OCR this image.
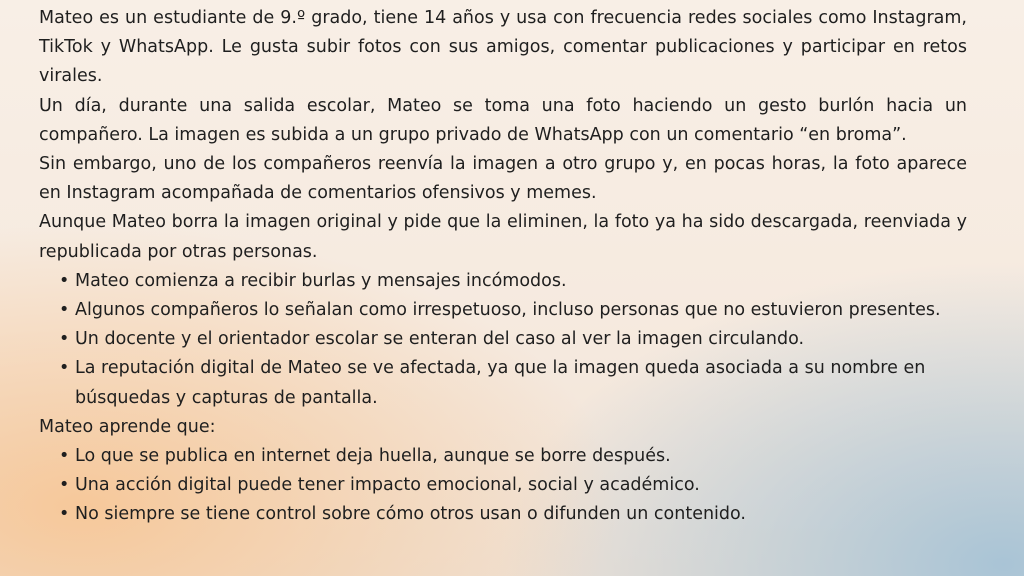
Mateo es un estudiante de 9.º grado, tiene 14 años y usa con frecuencia redes sociales como Instagram, TikTok y WhatsApp. Le gusta subir fotos con sus amigos, comentar publicaciones y participar en retos virales.

Un día, durante una salida escolar, Mateo se toma una foto haciendo un gesto burlón hacia un compañero. La imagen es subida a un grupo privado de WhatsApp con un comentario “en broma”.

Sin embargo, uno de los compañeros reenvía la imagen a otro grupo y, en pocas horas, la foto aparece en Instagram acompañada de comentarios ofensivos y memes.

Aunque Mateo borra la imagen original y pide que la eliminen, la foto ya ha sido descargada, reenviada y republicada por otras personas.

• Mateo comienza a recibir burlas y mensajes incómodos.
• Algunos compañeros lo señalan como irrespetuoso, incluso personas que no estuvieron presentes.
• Un docente y el orientador escolar se enteran del caso al ver la imagen circulando.
• La reputación digital de Mateo se ve afectada, ya que la imagen queda asociada a su nombre en búsquedas y capturas de pantalla.

Mateo aprende que:

• Lo que se publica en internet deja huella, aunque se borre después.
• Una acción digital puede tener impacto emocional, social y académico.
• No siempre se tiene control sobre cómo otros usan o difunden un contenido.
